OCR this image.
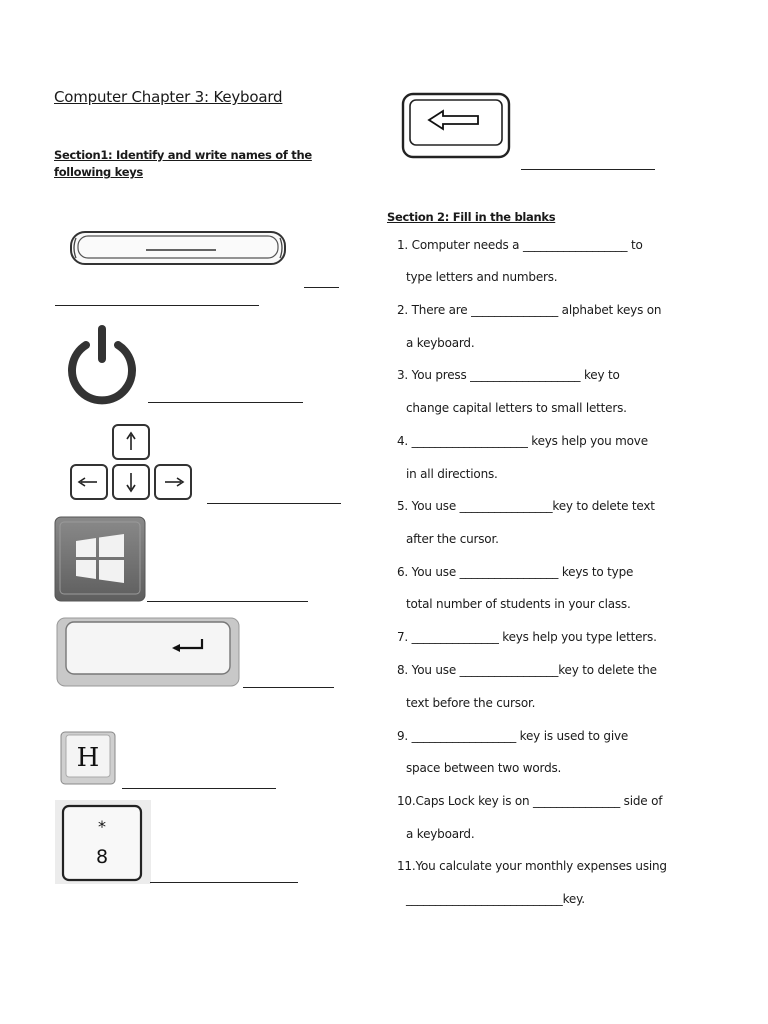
Computer Chapter 3: Keyboard
Section1: Identify and write names of the following keys
H
*
8
Section 2: Fill in the blanks
1. Computer needs a __________________ to
type letters and numbers.
2. There are _______________ alphabet keys on
a keyboard.
3. You press ___________________ key to
change capital letters to small letters.
4. ____________________ keys help you move
in all directions.
5. You use ________________key to delete text
after the cursor.
6. You use _________________ keys to type
total number of students in your class.
7. _______________ keys help you type letters.
8. You use _________________key to delete the
text before the cursor.
9. __________________ key is used to give
space between two words.
10.Caps Lock key is on _______________ side of
a keyboard.
11.You calculate your monthly expenses using
___________________________key.
